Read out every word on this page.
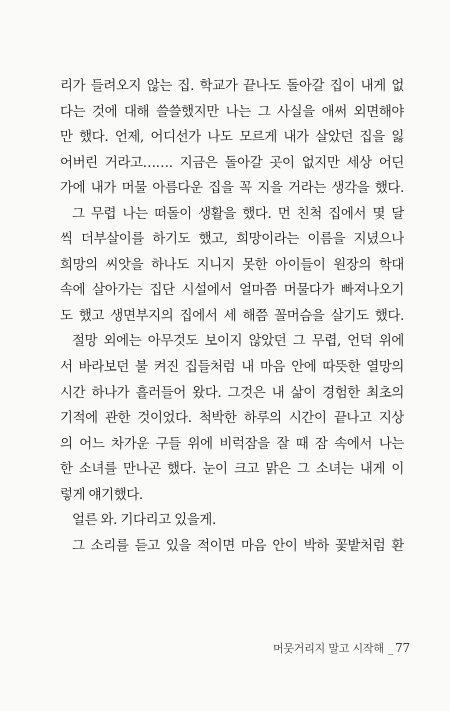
리가 들려오지 않는 집. 학교가 끝나도 돌아갈 집이 내게 없
다는 것에 대해 쓸쓸했지만 나는 그 사실을 애써 외면해야
만 했다. 언제, 어디선가 나도 모르게 내가 살았던 집을 잃
어버린 거라고……. 지금은 돌아갈 곳이 없지만 세상 어딘
가에 내가 머물 아름다운 집을 꼭 지을 거라는 생각을 했다.
그 무렵 나는 떠돌이 생활을 했다. 먼 친척 집에서 몇 달
씩 더부살이를 하기도 했고, 희망이라는 이름을 지녔으나
희망의 씨앗을 하나도 지니지 못한 아이들이 원장의 학대
속에 살아가는 집단 시설에서 얼마쯤 머물다가 빠져나오기
도 했고 생면부지의 집에서 세 해쯤 꼴머슴을 살기도 했다.
절망 외에는 아무것도 보이지 않았던 그 무렵, 언덕 위에
서 바라보던 불 켜진 집들처럼 내 마음 안에 따뜻한 열망의
시간 하나가 흘러들어 왔다. 그것은 내 삶이 경험한 최초의
기적에 관한 것이었다. 척박한 하루의 시간이 끝나고 지상
의 어느 차가운 구들 위에 비럭잠을 잘 때 잠 속에서 나는
한 소녀를 만나곤 했다. 눈이 크고 맑은 그 소녀는 내게 이
렇게 얘기했다.
얼른 와. 기다리고 있을게.
그 소리를 듣고 있을 적이면 마음 안이 박하 꽃밭처럼 환
머뭇거리지 말고 시작해 _ 77
